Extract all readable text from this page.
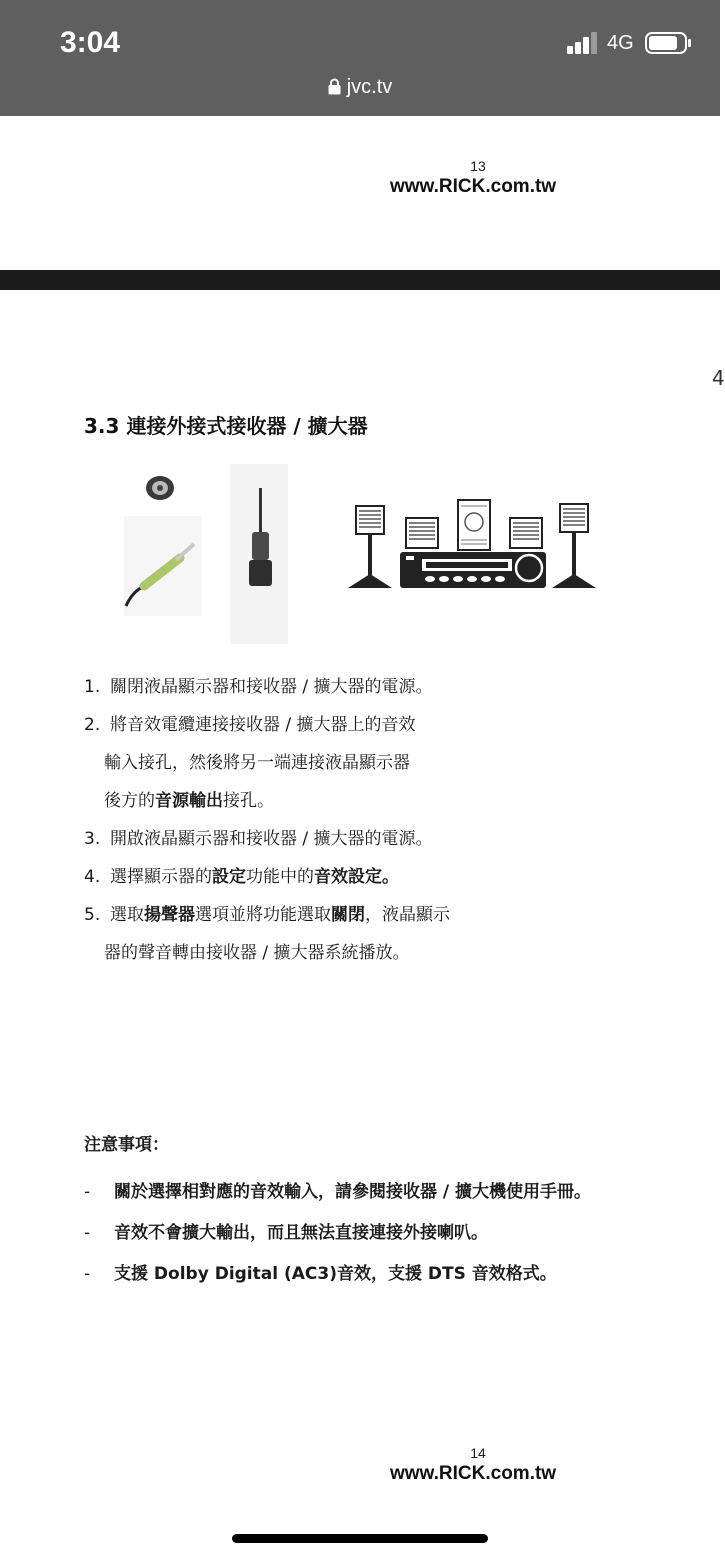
3:04	4G
jvc.tv
13
www.RICK.com.tw
4
3.3 連接外接式接收器 / 擴大器
1. 關閉液晶顯示器和接收器 / 擴大器的電源。
2. 將音效電纜連接接收器 / 擴大器上的音效
輸入接孔，然後將另一端連接液晶顯示器
後方的音源輸出接孔。
3. 開啟液晶顯示器和接收器 / 擴大器的電源。
4. 選擇顯示器的設定功能中的音效設定。
5. 選取揚聲器選項並將功能選取關閉，液晶顯示
器的聲音轉由接收器 / 擴大器系統播放。
注意事項：
- 關於選擇相對應的音效輸入，請參閱接收器 / 擴大機使用手冊。
- 音效不會擴大輸出，而且無法直接連接外接喇叭。
- 支援 Dolby Digital (AC3)音效，支援 DTS 音效格式。
14
www.RICK.com.tw
